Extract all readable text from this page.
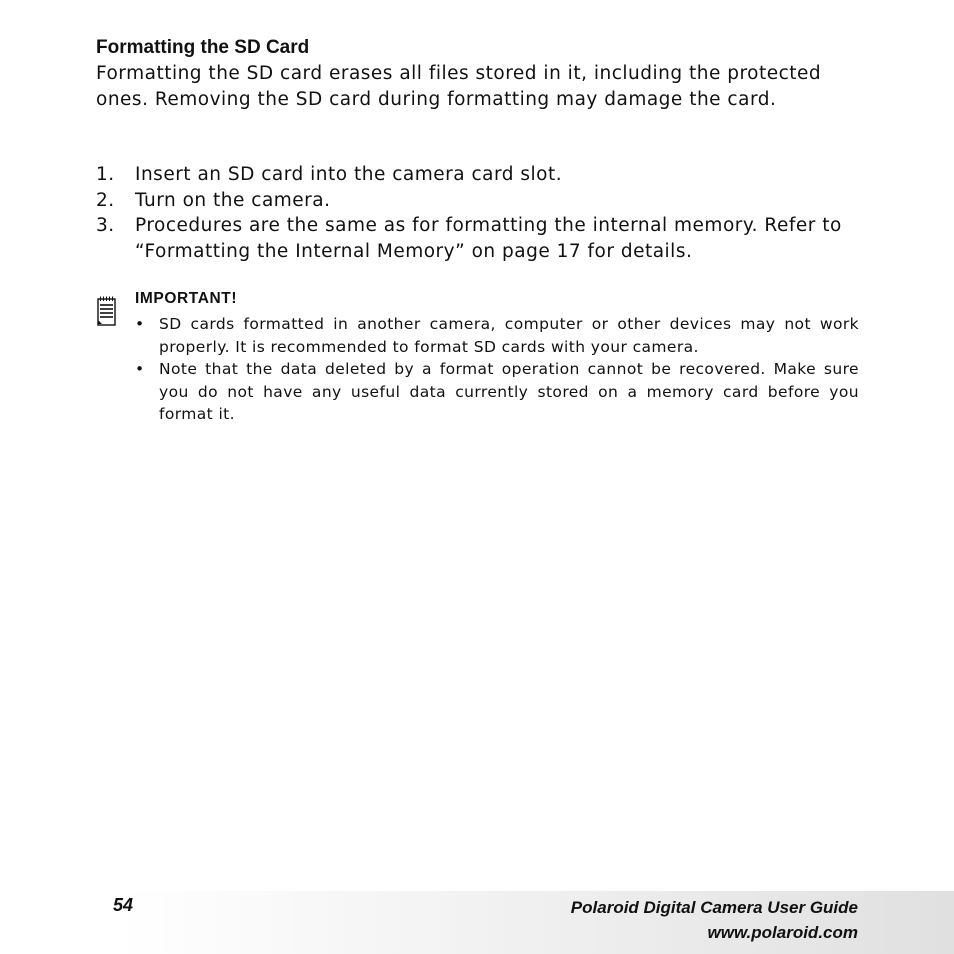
Formatting the SD Card

Formatting the SD card erases all files stored in it, including the protected ones. Removing the SD card during formatting may damage the card.

1. Insert an SD card into the camera card slot.
2. Turn on the camera.
3. Procedures are the same as for formatting the internal memory. Refer to “Formatting the Internal Memory” on page 17 for details.
IMPORTANT!
• SD cards formatted in another camera, computer or other devices may not work properly. It is recommended to format SD cards with your camera.
• Note that the data deleted by a format operation cannot be recovered. Make sure you do not have any useful data currently stored on a memory card before you format it.
54	Polaroid Digital Camera User Guide
www.polaroid.com
